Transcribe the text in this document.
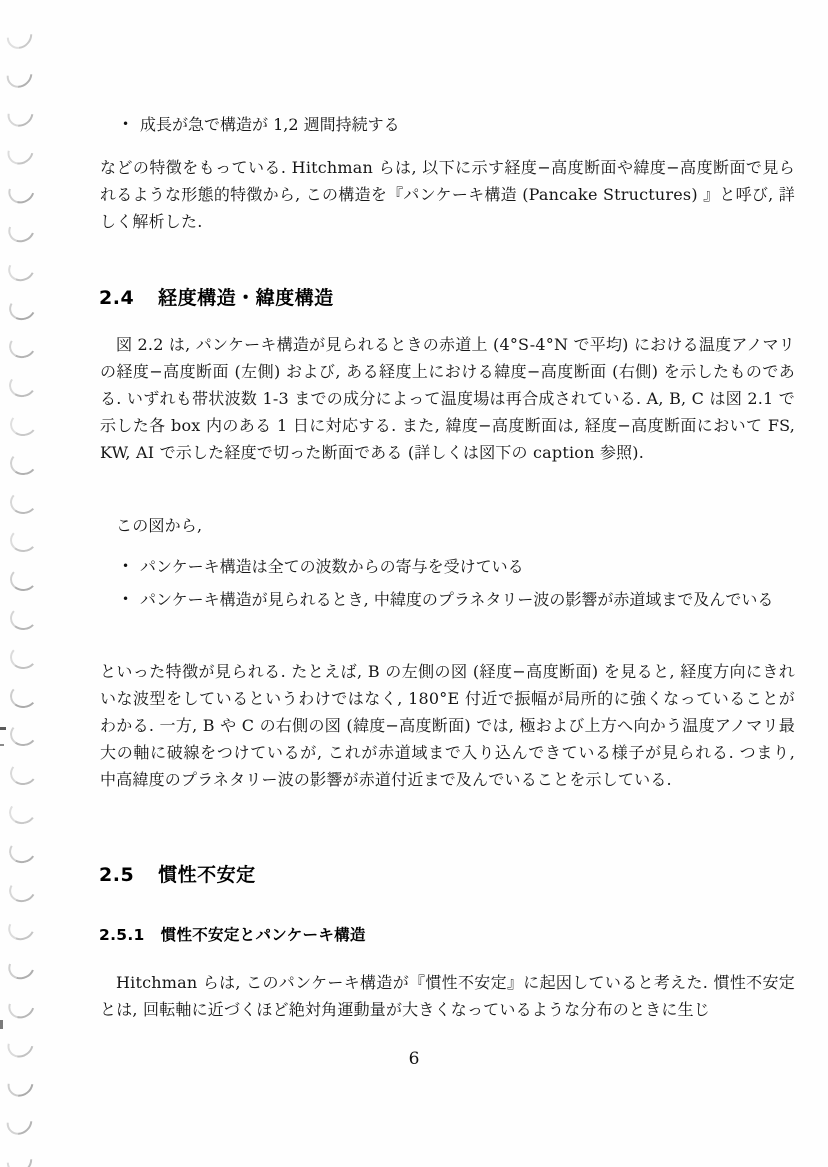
• 成長が急で構造が 1,2 週間持続する

などの特徴をもっている. Hitchman らは, 以下に示す経度−高度断面や緯度−高度断面で見られるような形態的特徴から, この構造を『パンケーキ構造 (Pancake Structures) 』と呼び, 詳しく解析した.

2.4 経度構造・緯度構造

図 2.2 は, パンケーキ構造が見られるときの赤道上 (4°S-4°N で平均) における温度アノマリの経度−高度断面 (左側) および, ある経度上における緯度−高度断面 (右側) を示したものである. いずれも帯状波数 1-3 までの成分によって温度場は再合成されている. A, B, C は図 2.1 で示した各 box 内のある 1 日に対応する. また, 緯度−高度断面は, 経度−高度断面において FS, KW, AI で示した経度で切った断面である (詳しくは図下の caption 参照).

この図から,

• パンケーキ構造は全ての波数からの寄与を受けている
• パンケーキ構造が見られるとき, 中緯度のプラネタリー波の影響が赤道域まで及んでいる

といった特徴が見られる. たとえば, B の左側の図 (経度−高度断面) を見ると, 経度方向にきれいな波型をしているというわけではなく, 180°E 付近で振幅が局所的に強くなっていることがわかる. 一方, B や C の右側の図 (緯度−高度断面) では, 極および上方へ向かう温度アノマリ最大の軸に破線をつけているが, これが赤道域まで入り込んできている様子が見られる. つまり, 中高緯度のプラネタリー波の影響が赤道付近まで及んでいることを示している.

2.5 慣性不安定
2.5.1 慣性不安定とパンケーキ構造

Hitchman らは, このパンケーキ構造が『慣性不安定』に起因していると考えた. 慣性不安定とは, 回転軸に近づくほど絶対角運動量が大きくなっているような分布のときに生じ

6
